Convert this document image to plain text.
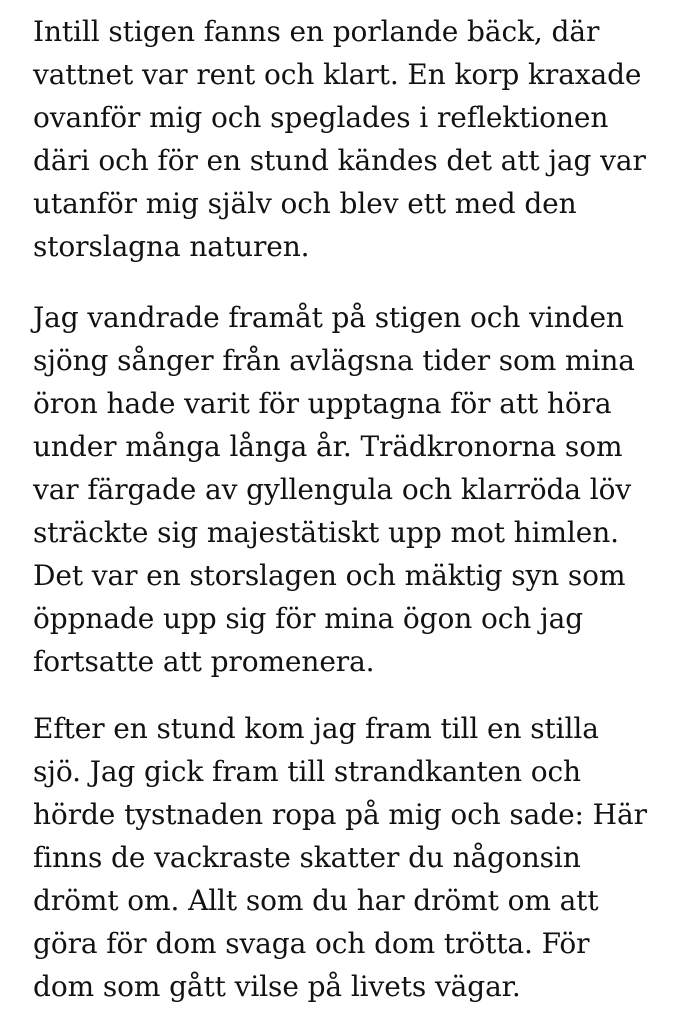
Intill stigen fanns en porlande bäck, där
vattnet var rent och klart. En korp kraxade
ovanför mig och speglades i reflektionen
däri och för en stund kändes det att jag var
utanför mig själv och blev ett med den
storslagna naturen.

Jag vandrade framåt på stigen och vinden
sjöng sånger från avlägsna tider som mina
öron hade varit för upptagna för att höra
under många långa år. Trädkronorna som
var färgade av gyllengula och klarröda löv
sträckte sig majestätiskt upp mot himlen.
Det var en storslagen och mäktig syn som
öppnade upp sig för mina ögon och jag
fortsatte att promenera.

Efter en stund kom jag fram till en stilla
sjö. Jag gick fram till strandkanten och
hörde tystnaden ropa på mig och sade: Här
finns de vackraste skatter du någonsin
drömt om. Allt som du har drömt om att
göra för dom svaga och dom trötta. För
dom som gått vilse på livets vägar.
